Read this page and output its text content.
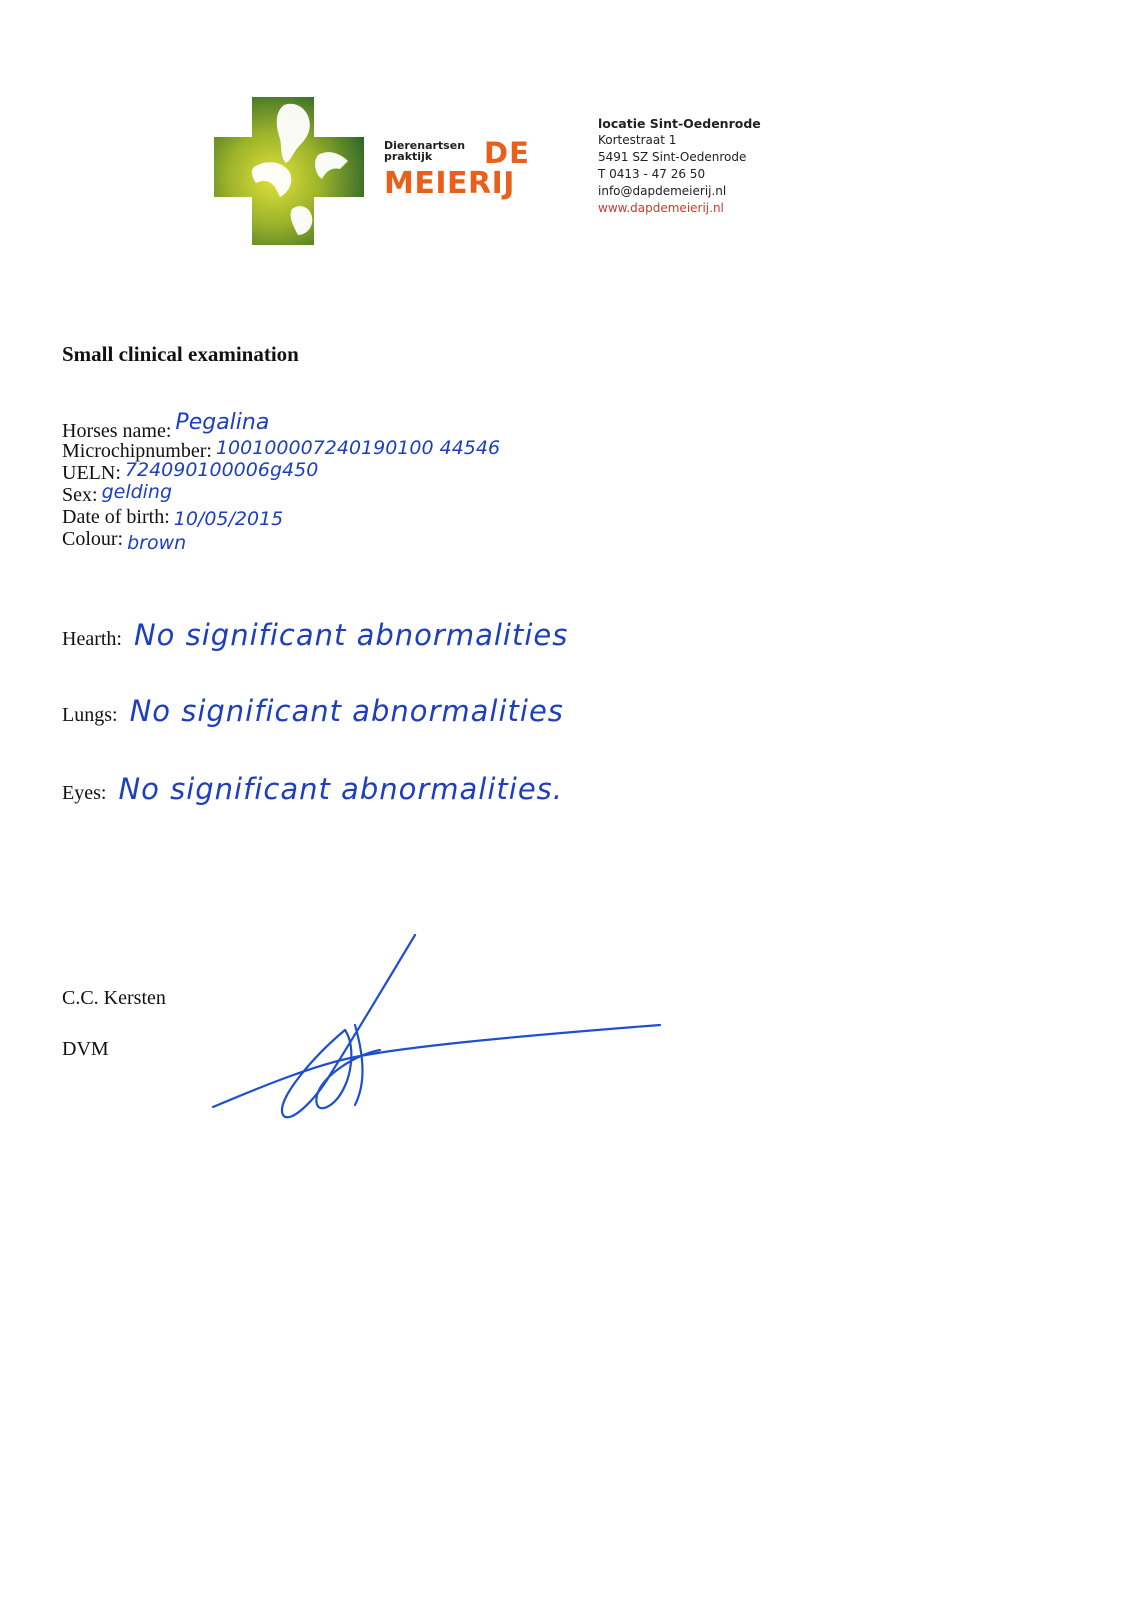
Dierenartsen
praktijk DE
MEIERIJ
locatie Sint-Oedenrode
Kortestraat 1
5491 SZ Sint-Oedenrode
T 0413 - 47 26 50
info@dapdemeierij.nl
www.dapdemeierij.nl
Small clinical examination
Horses name: Pegalina
Microchipnumber: 100100007240190100 44546
UELN: 724090100006g450
Sex: gelding
Date of birth: 10/05/2015
Colour: brown
Hearth: No significant abnormalities
Lungs: No significant abnormalities
Eyes: No significant abnormalities.
C.C. Kersten
DVM
